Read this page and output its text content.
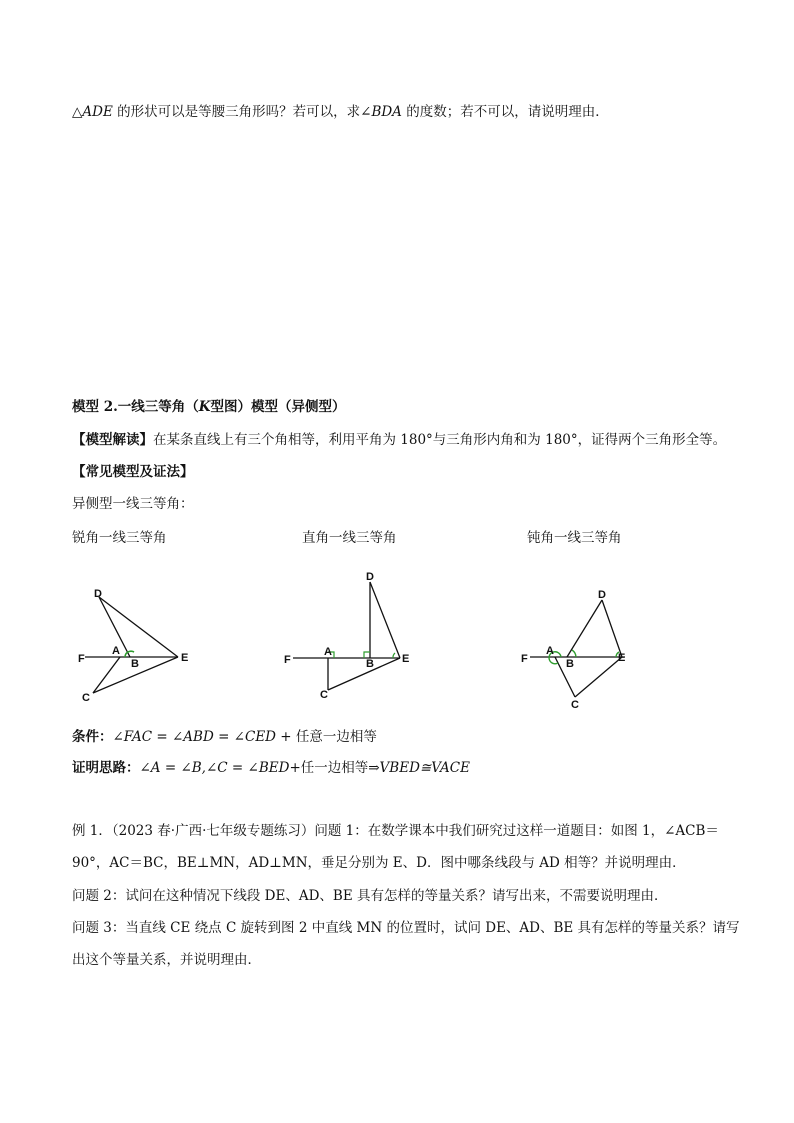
△ADE 的形状可以是等腰三角形吗？若可以，求∠BDA 的度数；若不可以，请说明理由．
模型 2.一线三等角（K型图）模型（异侧型）
【模型解读】在某条直线上有三个角相等，利用平角为 180°与三角形内角和为 180°，证得两个三角形全等。
【常见模型及证法】
异侧型一线三等角：
锐角一线三等角	直角一线三等角	钝角一线三等角
D
F
A
B	E
C
D
F
A
B	E
C
D
F
A
B	E
C
条件：∠FAC = ∠ABD = ∠CED + 任意一边相等
证明思路：∠A = ∠B,∠C = ∠BED+任一边相等⇒VBED≅VACE
例 1．（2023 春·广西·七年级专题练习）问题 1：在数学课本中我们研究过这样一道题目：如图 1，∠ACB＝
90°，AC＝BC，BE⊥MN，AD⊥MN，垂足分别为 E、D．图中哪条线段与 AD 相等？并说明理由．
问题 2：试问在这种情况下线段 DE、AD、BE 具有怎样的等量关系？请写出来，不需要说明理由．
问题 3：当直线 CE 绕点 C 旋转到图 2 中直线 MN 的位置时，试问 DE、AD、BE 具有怎样的等量关系？请写
出这个等量关系，并说明理由．
